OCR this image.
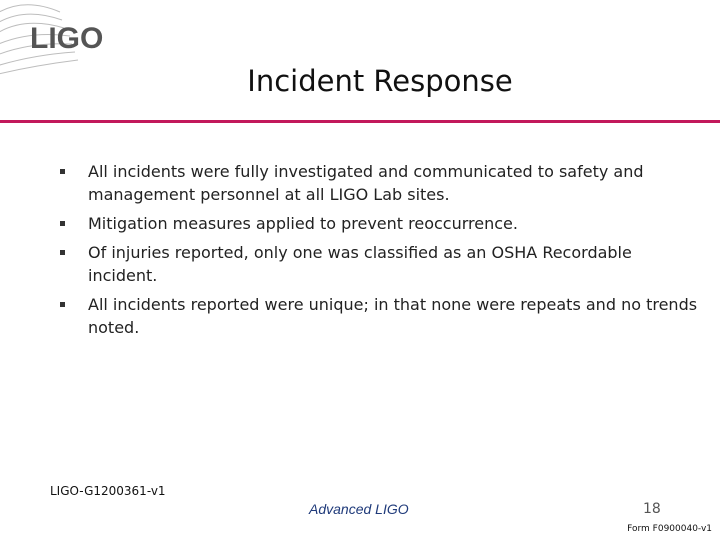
LIGO
Incident Response
All incidents were fully investigated and communicated to safety and management personnel at all LIGO Lab sites.
Mitigation measures applied to prevent reoccurrence.
Of injuries reported, only one was classified as an OSHA Recordable incident.
All incidents reported were unique; in that none were repeats and no trends noted.
LIGO-G1200361-v1
Advanced LIGO	18
Form F0900040-v1
